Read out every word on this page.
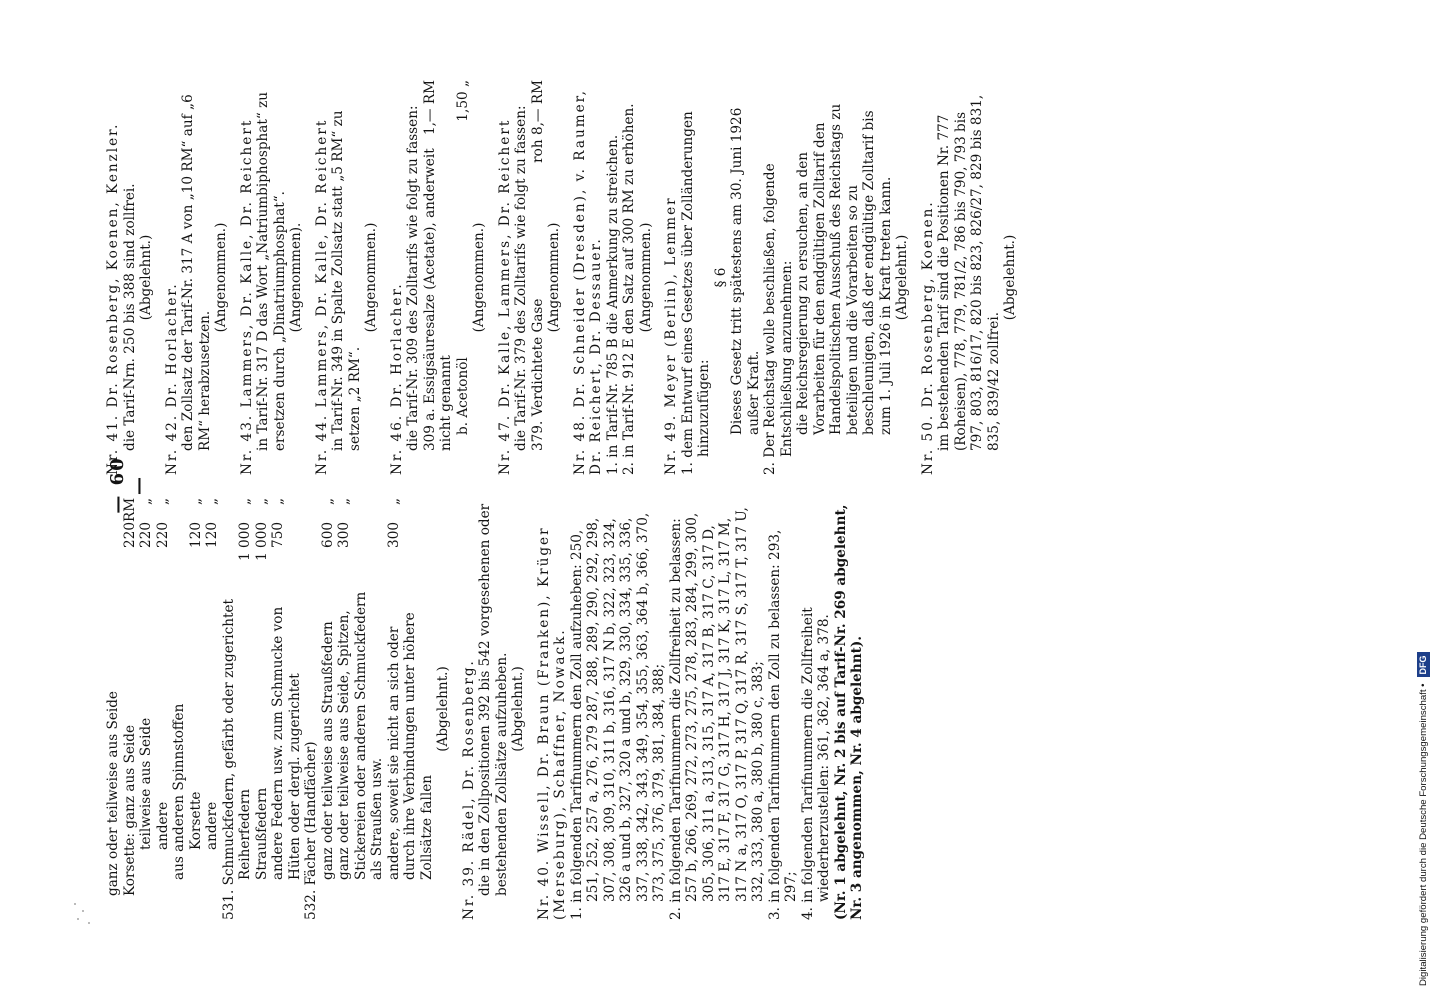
— 60 —
ganz oder teilweise aus Seide Korsette: ganz aus Seide
220
RM
teilweise aus Seide
220
„
andere
220
„
aus anderen Spinnstoffen Korsette
120
„
andere
120
„
531. Schmuckfedern, gefärbt oder zugerichtet Reiherfedern
1 000
„
Straußfedern
1 000
„
andere Federn usw. zum Schmucke von Hüten oder dergl. zugerichtet
750
„
532. Fächer (Handfächer) ganz oder teilweise aus Straußfedern
600
„
ganz oder teilweise aus Seide, Spitzen, Stickereien oder anderen Schmuckfedern als Straußen usw.
300
„
andere, soweit sie nicht an sich oder durch ihre Verbindungen unter höhere Zollsätze fallen
300
„
(Abgelehnt.) Nr. 39. Rädel, Dr. Rosenberg. die in den Zollpositionen 392 bis 542 vorgesehenen oder bestehenden Zollsätze aufzuheben. (Abgelehnt.) Nr. 40. Wissell, Dr. Braun (Franken), Krüger (Merseburg), Schaffner, Nowack. 1. in folgenden Tarifnummern den Zoll aufzuheben: 250, 251, 252, 257 a, 276, 279 287, 288, 289, 290, 292, 298, 307, 308, 309, 310, 311 b, 316, 317 N b, 322, 323, 324, 326 a und b, 327, 320 a und b, 329, 330, 334, 335, 336, 337, 338, 342, 343, 349, 354, 355, 363, 364 b, 366, 370, 373, 375, 376, 379, 381, 384, 388; 2. in folgenden Tarifnummern die Zollfreiheit zu belassen: 257 b, 266, 269, 272, 273, 275, 278, 283, 284, 299, 300, 305, 306, 311 a, 313, 315, 317 A, 317 B, 317 C, 317 D, 317 E, 317 F, 317 G, 317 H, 317 J, 317 K, 317 L, 317 M, 317 N a, 317 O, 317 P, 317 Q, 317 R, 317 S, 317 T, 317 U, 332, 333, 380 a, 380 b, 380 c, 383; 3. in folgenden Tarifnummern den Zoll zu belassen: 293, 297; 4. in folgenden Tarifnummern die Zollfreiheit wiederherzustellen: 361, 362, 364 a, 378. (Nr. 1 abgelehnt, Nr. 2 bis auf Tarif-Nr. 269 abgelehnt, Nr. 3 angenommen, Nr. 4 abgelehnt).
Nr. 41. Dr. Rosenberg, Koenen, Kenzler. die Tarif-Nrn. 250 bis 388 sind zollfrei. (Abgelehnt.)
Nr. 42. Dr. Horlacher. den Zollsatz der Tarif-Nr. 317 A von „10 RM“ auf „6 RM“ herabzusetzen.
(Angenommen.) Nr. 43. Lammers, Dr. Kalle, Dr. Reichert in Tarif-Nr. 317 D das Wort „Natriumbiphosphat“ zu ersetzen durch „Dinatriumphosphat“. (Angenommen). Nr. 44. Lammers, Dr. Kalle, Dr. Reichert in Tarif-Nr. 349 in Spalte Zollsatz statt „5 RM“ zu setzen „2 RM“.
(Angenommen.)
Nr. 46. Dr. Horlacher. die Tarif-Nr. 309 des Zolltarifs wie folgt zu fassen: 309 a. Essigsäuresalze (Acetate), anderweit nicht genannt
1,— RM
b. Acetonöl
1,50 „
(Angenommen.) Nr. 47. Dr. Kalle, Lammers, Dr. Reichert die Tarif-Nr. 379 des Zolltarifs wie folgt zu fassen: 379. Verdichtete Gase
roh 8,— RM
(Angenommen.) Nr. 48. Dr. Schneider (Dresden), v. Raumer, Dr. Reichert, Dr. Dessauer. 1. in Tarif-Nr. 785 B die Anmerkung zu streichen. 2. in Tarif-Nr. 912 E den Satz auf 300 RM zu erhöhen. (Angenommen.) Nr. 49. Meyer (Berlin), Lemmer 1. dem Entwurf eines Gesetzes über Zolländerungen hinzuzufügen:
§ 6 Dieses Gesetz tritt spätestens am 30. Juni 1926 außer Kraft. 2. Der Reichstag wolle beschließen, folgende Entschließung anzunehmen: die Reichsregierung zu ersuchen, an den Vorarbeiten für den endgültigen Zolltarif den Handelspolitischen Ausschuß des Reichstags zu beteiligen und die Vorarbeiten so zu beschleunigen, daß der endgültige Zolltarif bis zum 1. Juli 1926 in Kraft treten kann. (Abgelehnt.) Nr. 50. Dr. Rosenberg, Koenen. im bestehenden Tarif sind die Positionen Nr. 777 (Roheisen), 778, 779, 781/2, 786 bis 790, 793 bis 797, 803, 816/17, 820 bis 823, 826/27, 829 bis 831, 835, 839/42 zollfrei.
(Abgelehnt.)
Digitalisierung gefördert durch die Deutsche Forschungsgemeinschaft •DFG
